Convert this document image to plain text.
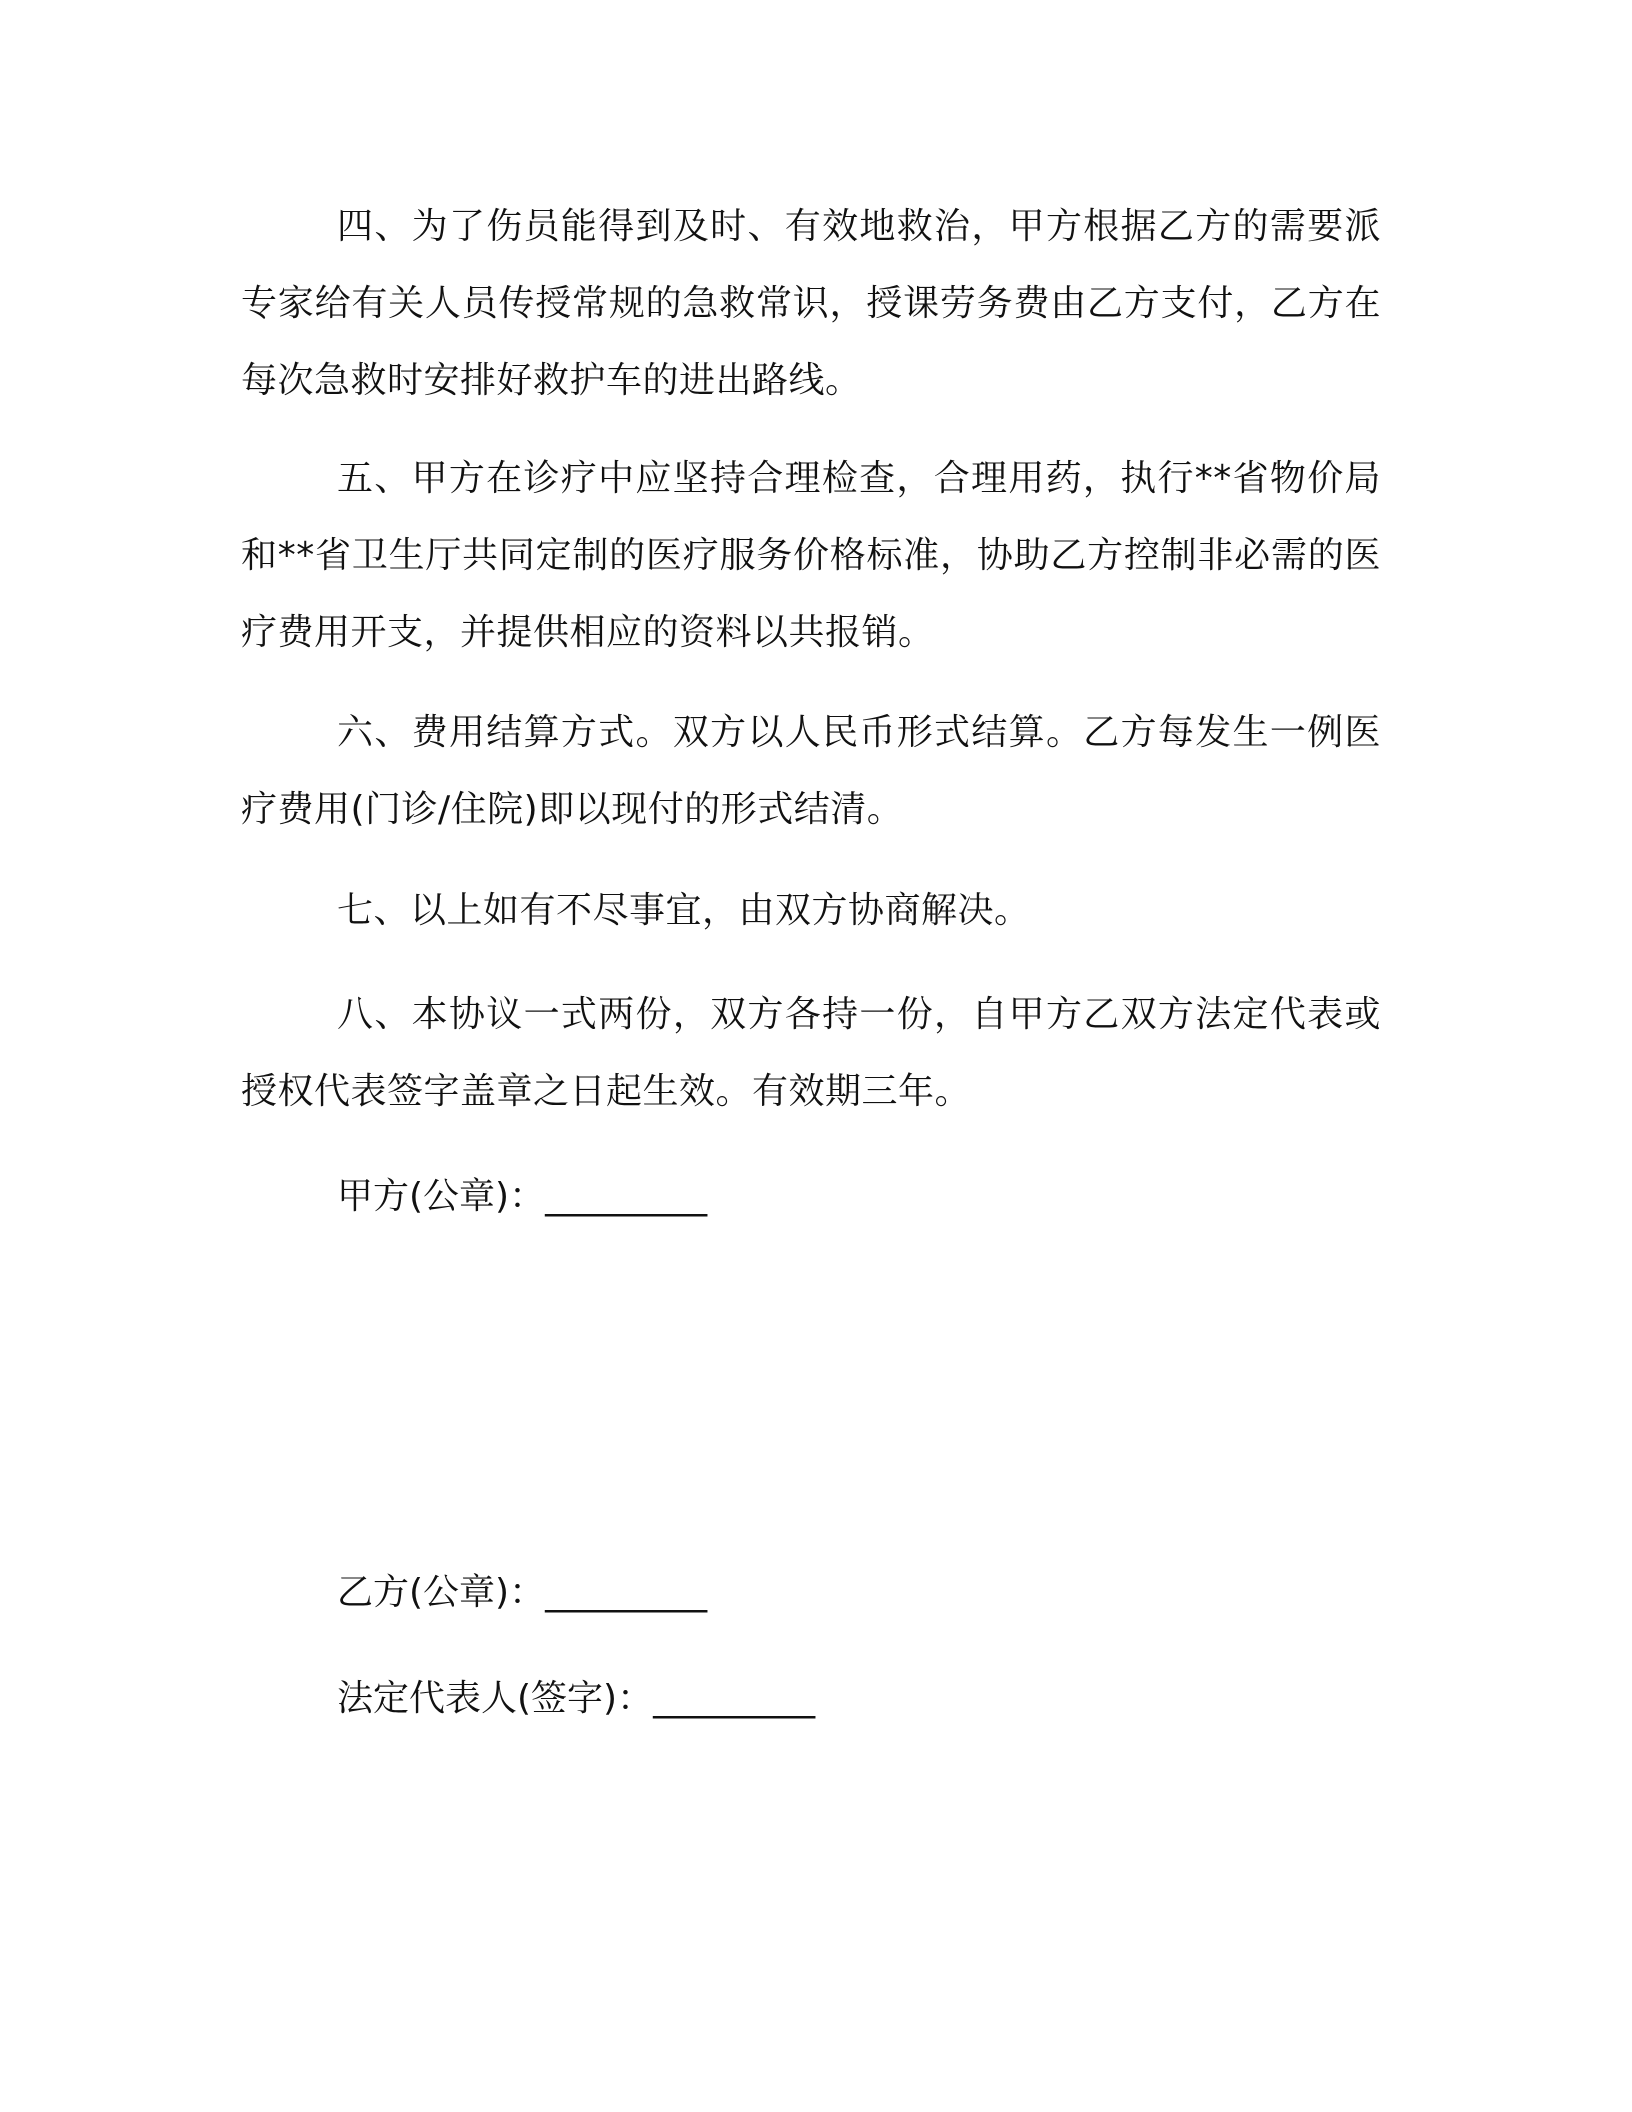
四、为了伤员能得到及时、有效地救治，甲方根据乙方的需要派专家给有关人员传授常规的急救常识，授课劳务费由乙方支付，乙方在每次急救时安排好救护车的进出路线。

五、甲方在诊疗中应坚持合理检查，合理用药，执行**省物价局和**省卫生厅共同定制的医疗服务价格标准，协助乙方控制非必需的医疗费用开支，并提供相应的资料以共报销。

六、费用结算方式。双方以人民币形式结算。乙方每发生一例医疗费用(门诊/住院)即以现付的形式结清。

七、以上如有不尽事宜，由双方协商解决。

八、本协议一式两份，双方各持一份，自甲方乙双方法定代表或授权代表签字盖章之日起生效。有效期三年。

甲方(公章)：_________

乙方(公章)：_________

法定代表人(签字)：_________
